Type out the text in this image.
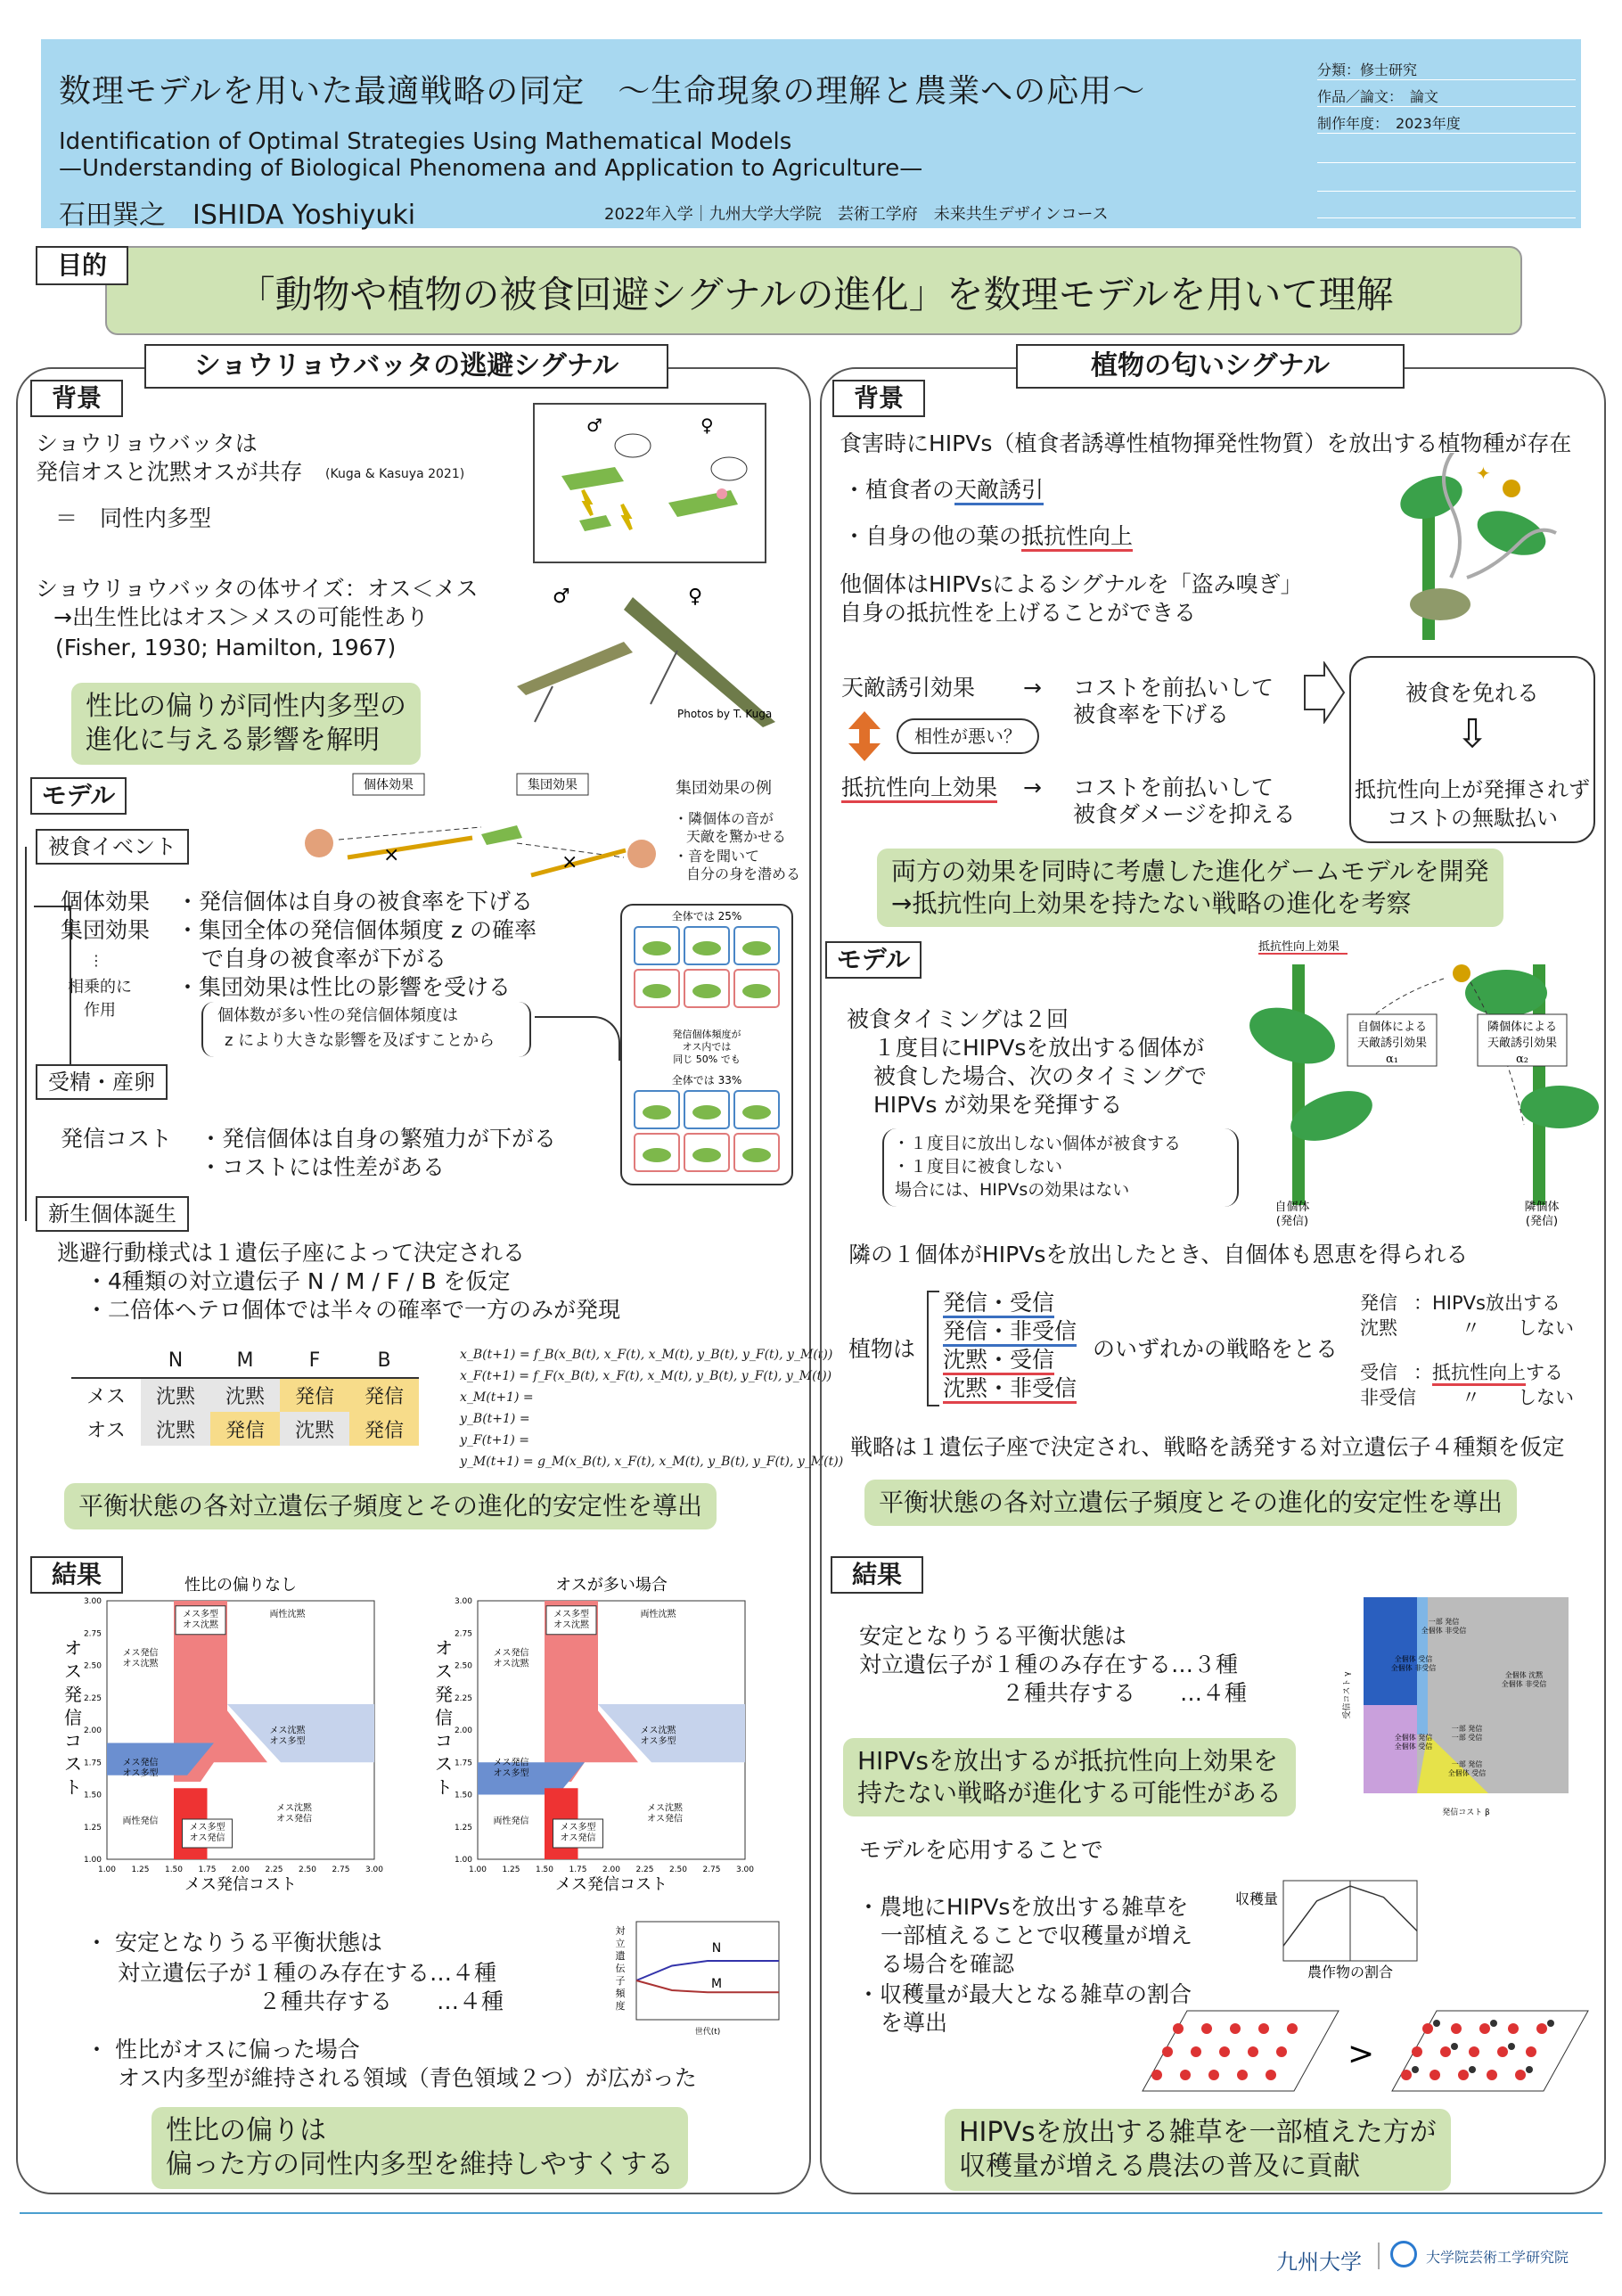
数理モデルを用いた最適戦略の同定　〜生命現象の理解と農業への応用〜
Identification of Optimal Strategies Using Mathematical Models
—Understanding of Biological Phenomena and Application to Agriculture—
石田巽之　ISHIDA Yoshiyuki	2022年入学｜九州大学大学院　芸術工学府　未来共生デザインコース
分類：修士研究
作品／論文：　論文
制作年度：　2023年度
「動物や植物の被食回避シグナルの進化」を数理モデルを用いて理解
目的
ショウリョウバッタの逃避シグナル
背景
ショウリョウバッタは
発信オスと沈黙オスが共存 (Kuga & Kasuya 2021)
＝　同性内多型
ショウリョウバッタの体サイズ：オス＜メス
→出生性比はオス＞メスの可能性あり
(Fisher, 1930; Hamilton, 1967)
♂	♀
♂	♀
Photos by T. Kuga
性比の偏りが同性内多型の
進化に与える影響を解明
モデル	個体効果	集団効果
×	×
集団効果の例
・隣個体の音が
天敵を驚かせる
・音を聞いて
自分の身を潜める
被食イベント
個体効果
集団効果
⋮
相乗的に
作用
・発信個体は自身の被食率を下げる
・集団全体の発信個体頻度 z の確率
で自身の被食率が下がる
・集団効果は性比の影響を受ける
個体数が多い性の発信個体頻度は
z により大きな影響を及ぼすことから
全体では 25%
発信個体頻度が
オス内では
同じ 50% でも
全体では 33%
受精・産卵
発信コスト ・発信個体は自身の繁殖力が下がる
・コストには性差がある
新生個体誕生
逃避行動様式は１遺伝子座によって決定される
・4種類の対立遺伝子 N / M / F / B を仮定
・二倍体ヘテロ個体では半々の確率で一方のみが発現
	N	M	F	B
メス	沈黙	沈黙	発信	発信
オス	沈黙	発信	沈黙	発信
x_B(t+1) = f_B(x_B(t), x_F(t), x_M(t), y_B(t), y_F(t), y_M(t))
x_F(t+1) = f_F(x_B(t), x_F(t), x_M(t), y_B(t), y_F(t), y_M(t))
x_M(t+1) =
y_B(t+1) =
y_F(t+1) =
y_M(t+1) = g_M(x_B(t), x_F(t), x_M(t), y_B(t), y_F(t), y_M(t))
平衡状態の各対立遺伝子頻度とその進化的安定性を導出
結果	性比の偏りなし
1.00 1.25 1.50 1.75 2.00 2.25 2.50 2.75 3.00
1.00
1.25
1.50
1.75
2.00
2.25
2.50
2.75
3.00
メス発信コスト
オ
ス
発
信
コ
ス
ト
メス多型
オス沈黙
両性沈黙
メス発信
オス沈黙
メス沈黙
オス多型
メス発信
オス多型
両性発信
メス多型
オス発信
メス沈黙
オス発信
オスが多い場合
1.00 1.25 1.50 1.75 2.00 2.25 2.50 2.75 3.00
1.00
1.25
1.50
1.75
2.00
2.25
2.50
2.75
3.00
メス発信コスト
オ
ス
発
信
コ
ス
ト
メス多型
オス沈黙
両性沈黙
メス発信
オス沈黙
メス沈黙
オス多型
メス発信
オス多型
両性発信
メス多型
オス発信
メス沈黙
オス発信
・ 安定となりうる平衡状態は
対立遺伝子が１種のみ存在する…４種
２種共存する　　…４種
・ 性比がオスに偏った場合
オス内多型が維持される領域（青色領域２つ）が広がった
N
M
世代(t)
対
立
遺
伝
子
頻
度
性比の偏りは
偏った方の同性内多型を維持しやすくする
植物の匂いシグナル
背景
食害時にHIPVs（植食者誘導性植物揮発性物質）を放出する植物種が存在
・植食者の天敵誘引
・自身の他の葉の抵抗性向上
他個体はHIPVsによるシグナルを「盗み嗅ぎ」
自身の抵抗性を上げることができる
✦
天敵誘引効果 → コストを前払いして
被食率を下げる
相性が悪い？
抵抗性向上効果 → コストを前払いして
被食ダメージを抑える
被食を免れる
⇩
抵抗性向上が発揮されず
コストの無駄払い
両方の効果を同時に考慮した進化ゲームモデルを開発
→抵抗性向上効果を持たない戦略の進化を考察
モデル
被食タイミングは２回
１度目にHIPVsを放出する個体が
被食した場合、次のタイミングで
HIPVs が効果を発揮する
・１度目に放出しない個体が被食する
・１度目に被食しない
場合には、HIPVsの効果はない
抵抗性向上効果
自個体による
天敵誘引効果
α₁
隣個体による
天敵誘引効果
α₂
自個体
(発信)
隣個体
(発信)
隣の１個体がHIPVsを放出したとき、自個体も恩恵を得られる
植物は
発信・受信
発信・非受信
沈黙・受信
沈黙・非受信
のいずれかの戦略をとる
発信 ：HIPVs放出する
沈黙	〃　　しない
受信 ：抵抗性向上する
非受信 〃　　しない
戦略は１遺伝子座で決定され、戦略を誘発する対立遺伝子４種類を仮定
平衡状態の各対立遺伝子頻度とその進化的安定性を導出
結果
安定となりうる平衡状態は
対立遺伝子が１種のみ存在する…３種
２種共存する　　…４種
一部 発信
全個体 非受信
全個体 受信
全個体 非受信
全個体 沈黙
全個体 非受信
一部 発信
一部 受信
全個体 発信
全個体 受信
一部 発信
全個体 受信
発信コスト β
受信コスト γ
HIPVsを放出するが抵抗性向上効果を
持たない戦略が進化する可能性がある
モデルを応用することで
・農地にHIPVsを放出する雑草を
一部植えることで収穫量が増え
る場合を確認
・収穫量が最大となる雑草の割合
を導出
収穫量
農作物の割合
>
HIPVsを放出する雑草を一部植えた方が
収穫量が増える農法の普及に貢献
九州大学	大学院芸術工学研究院
